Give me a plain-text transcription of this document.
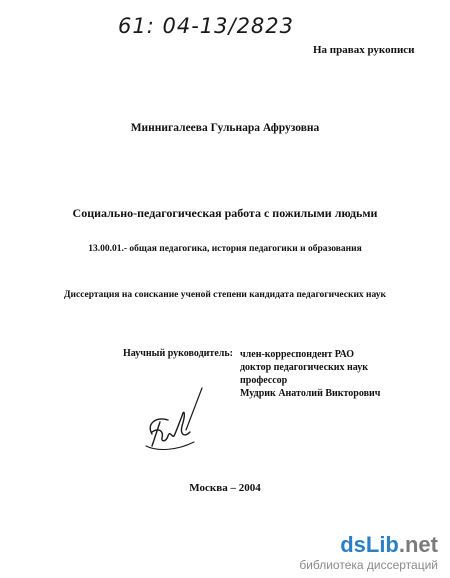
61: 04-13/2823
На правах рукописи
Миннигалеева Гульнара Афрузовна
Социально-педагогическая работа с пожилыми людьми
13.00.01.- общая педагогика, история педагогики и образования
Диссертация на соискание ученой степени кандидата педагогических наук
Научный руководитель: член-корреспондент РАО
доктор педагогических наук
профессор
Мудрик Анатолий Викторович
Москва – 2004
dsLib.net
библиотека диссертаций
